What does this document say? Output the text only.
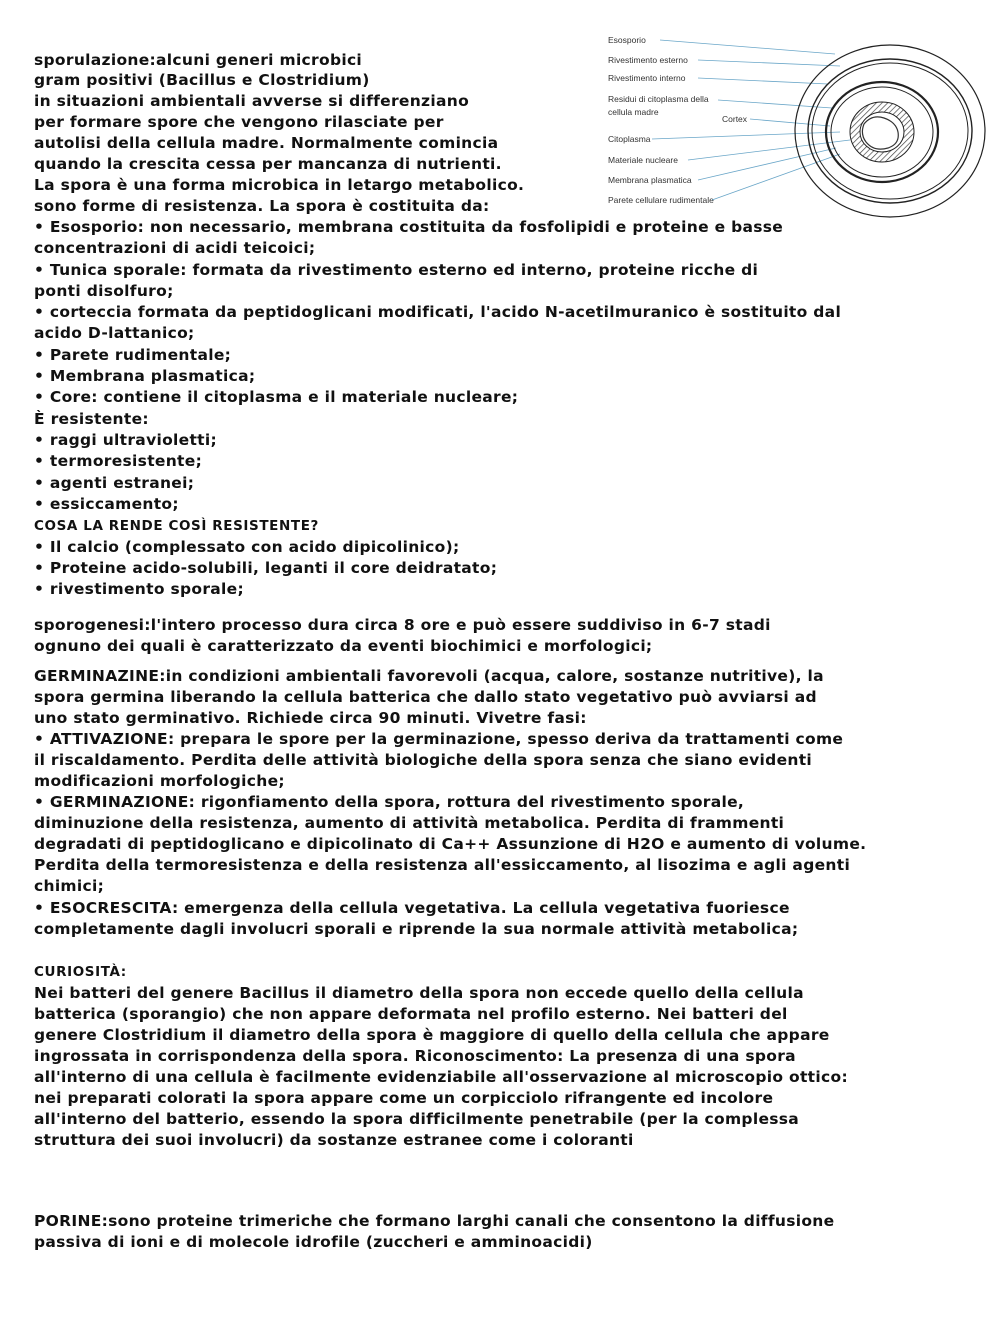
Esosporio
Rivestimento esterno
Rivestimento interno
Residui di citoplasma della
cellula madre
Cortex
Citoplasma
Materiale nucleare
Membrana plasmatica
Parete cellulare rudimentale
sporulazione:alcuni generi microbici
gram positivi (Bacillus e Clostridium)
in situazioni ambientali avverse si differenziano
per formare spore che vengono rilasciate per
autolisi della cellula madre. Normalmente comincia
quando la crescita cessa per mancanza di nutrienti.
La spora è una forma microbica in letargo metabolico.
sono forme di resistenza. La spora è costituita da:
• Esosporio: non necessario, membrana costituita da fosfolipidi e proteine e basse
concentrazioni di acidi teicoici;
• Tunica sporale: formata da rivestimento esterno ed interno, proteine ricche di
ponti disolfuro;
• corteccia formata da peptidoglicani modificati, l'acido N-acetilmuranico è sostituito dal
acido D-lattanico;
• Parete rudimentale;
• Membrana plasmatica;
• Core: contiene il citoplasma e il materiale nucleare;
È resistente:
• raggi ultravioletti;
• termoresistente;
• agenti estranei;
• essiccamento;
COSA LA RENDE COSÌ RESISTENTE?
• Il calcio (complessato con acido dipicolinico);
• Proteine acido-solubili, leganti il core deidratato;
• rivestimento sporale;
sporogenesi:l'intero processo dura circa 8 ore e può essere suddiviso in 6-7 stadi
ognuno dei quali è caratterizzato da eventi biochimici e morfologici;
GERMINAZINE:in condizioni ambientali favorevoli (acqua, calore, sostanze nutritive), la
spora germina liberando la cellula batterica che dallo stato vegetativo può avviarsi ad
uno stato germinativo. Richiede circa 90 minuti. Vivetre fasi:
• ATTIVAZIONE: prepara le spore per la germinazione, spesso deriva da trattamenti come
il riscaldamento. Perdita delle attività biologiche della spora senza che siano evidenti
modificazioni morfologiche;
• GERMINAZIONE: rigonfiamento della spora, rottura del rivestimento sporale,
diminuzione della resistenza, aumento di attività metabolica. Perdita di frammenti
degradati di peptidoglicano e dipicolinato di Ca++ Assunzione di H2O e aumento di volume.
Perdita della termoresistenza e della resistenza all'essiccamento, al lisozima e agli agenti
chimici;
• ESOCRESCITA: emergenza della cellula vegetativa. La cellula vegetativa fuoriesce
completamente dagli involucri sporali e riprende la sua normale attività metabolica;
CURIOSITÀ:
Nei batteri del genere Bacillus il diametro della spora non eccede quello della cellula
batterica (sporangio) che non appare deformata nel profilo esterno. Nei batteri del
genere Clostridium il diametro della spora è maggiore di quello della cellula che appare
ingrossata in corrispondenza della spora. Riconoscimento: La presenza di una spora
all'interno di una cellula è facilmente evidenziabile all'osservazione al microscopio ottico:
nei preparati colorati la spora appare come un corpicciolo rifrangente ed incolore
all'interno del batterio, essendo la spora difficilmente penetrabile (per la complessa
struttura dei suoi involucri) da sostanze estranee come i coloranti
PORINE:sono proteine trimeriche che formano larghi canali che consentono la diffusione
passiva di ioni e di molecole idrofile (zuccheri e amminoacidi)
